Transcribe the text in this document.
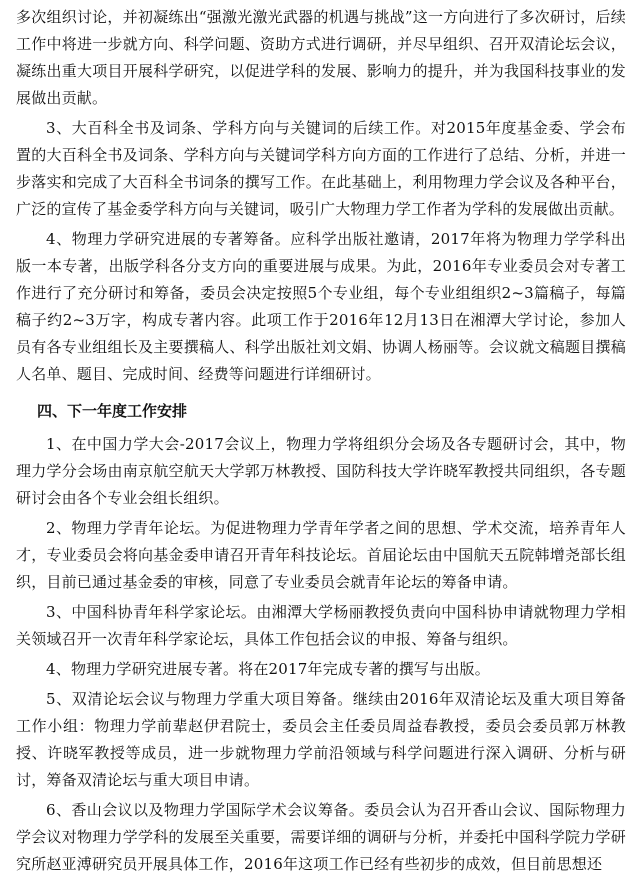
多次组织讨论，并初凝练出“强激光激光武器的机遇与挑战”这一方向进行了多次研讨，后续工作中将进一步就方向、科学问题、资助方式进行调研，并尽早组织、召开双清论坛会议，凝练出重大项目开展科学研究，以促进学科的发展、影响力的提升，并为我国科技事业的发展做出贡献。

3、大百科全书及词条、学科方向与关键词的后续工作。对2015年度基金委、学会布置的大百科全书及词条、学科方向与关键词学科方向方面的工作进行了总结、分析，并进一步落实和完成了大百科全书词条的撰写工作。在此基础上，利用物理力学会议及各种平台，广泛的宣传了基金委学科方向与关键词，吸引广大物理力学工作者为学科的发展做出贡献。

4、物理力学研究进展的专著筹备。应科学出版社邀请，2017年将为物理力学学科出版一本专著，出版学科各分支方向的重要进展与成果。为此，2016年专业委员会对专著工作进行了充分研讨和筹备，委员会决定按照5个专业组，每个专业组组织2~3篇稿子，每篇稿子约2~3万字，构成专著内容。此项工作于2016年12月13日在湘潭大学讨论，参加人员有各专业组组长及主要撰稿人、科学出版社刘文娟、协调人杨丽等。会议就文稿题目撰稿人名单、题目、完成时间、经费等问题进行详细研讨。

四、下一年度工作安排

1、在中国力学大会-2017会议上，物理力学将组织分会场及各专题研讨会，其中，物理力学分会场由南京航空航天大学郭万林教授、国防科技大学许晓军教授共同组织，各专题研讨会由各个专业会组长组织。

2、物理力学青年论坛。为促进物理力学青年学者之间的思想、学术交流，培养青年人才，专业委员会将向基金委申请召开青年科技论坛。首届论坛由中国航天五院韩增尧部长组织，目前已通过基金委的审核，同意了专业委员会就青年论坛的筹备申请。

3、中国科协青年科学家论坛。由湘潭大学杨丽教授负责向中国科协申请就物理力学相关领域召开一次青年科学家论坛，具体工作包括会议的申报、筹备与组织。

4、物理力学研究进展专著。将在2017年完成专著的撰写与出版。

5、双清论坛会议与物理力学重大项目筹备。继续由2016年双清论坛及重大项目筹备工作小组：物理力学前辈赵伊君院士，委员会主任委员周益春教授，委员会委员郭万林教授、许晓军教授等成员，进一步就物理力学前沿领域与科学问题进行深入调研、分析与研讨，筹备双清论坛与重大项目申请。

6、香山会议以及物理力学国际学术会议筹备。委员会认为召开香山会议、国际物理力学会议对物理力学学科的发展至关重要，需要详细的调研与分析，并委托中国科学院力学研究所赵亚溥研究员开展具体工作，2016年这项工作已经有些初步的成效，但目前思想还
